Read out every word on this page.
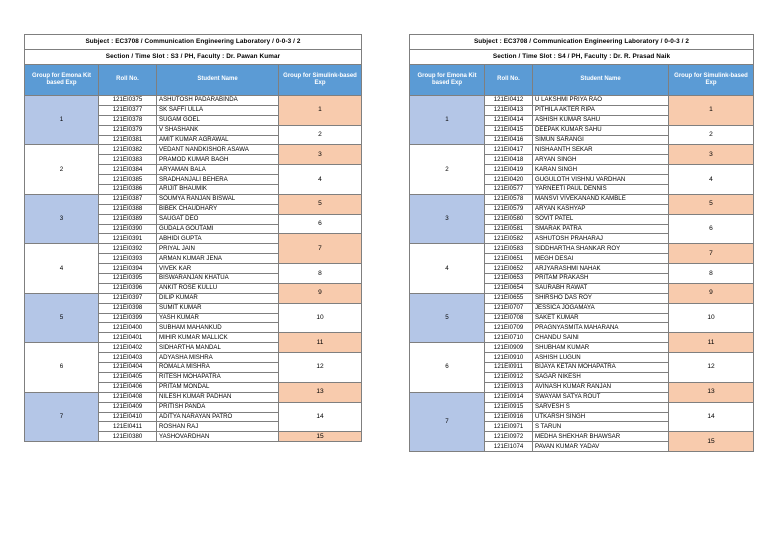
Subject : EC3708 / Communication Engineering Laboratory / 0-0-3 / 2			
Section / Time Slot : S3 / PH, Faculty : Dr. Pawan Kumar			
Group for Emona Kit based Exp	Roll No.	Student Name	Group for Simulink-based Exp
1	121EI0375	ASHUTOSH PADARABINDA	1
	121EI0377	SK SAFFI ULLA	
	121EI0378	SUGAM GOEL	
	121EI0379	V SHASHANK	2
	121EI0381	AMIT KUMAR AGRAWAL	
2	121EI0382	VEDANT NANDKISHOR ASAWA	3
	121EI0383	PRAMOD KUMAR BAGH	
	121EI0384	ARYAMAN BALA	4
	121EI0385	SRADHANJALI BEHERA	
	121EI0386	ARIJIT BHAUMIK	
3	121EI0387	SOUMYA RANJAN BISWAL	5
	121EI0388	BIBEK CHAUDHARY	
	121EI0389	SAUGAT DEO	6
	121EI0390	GUDALA GOUTAMI	
	121EI0391	ABHIDI GUPTA	7
4	121EI0392	PRIYAL JAIN	
	121EI0393	ARMAN KUMAR JENA	
	121EI0394	VIVEK KAR	8
	121EI0395	BISWARANJAN KHATUA	
	121EI0396	ANKIT ROSE KULLU	9
5	121EI0397	DILIP KUMAR	
	121EI0398	SUMIT KUMAR	10
	121EI0399	YASH KUMAR	
	121EI0400	SUBHAM MAHANKUD	
	121EI0401	MIHIR KUMAR MALLICK	11
6	121EI0402	SIDHARTHA MANDAL	
	121EI0403	ADYASHA MISHRA	12
	121EI0404	ROMALA MISHRA	
	121EI0405	RITESH MOHAPATRA	
	121EI0406	PRITAM MONDAL	13
7	121EI0408	NILESH KUMAR PADHAN	
	121EI0409	PRITISH PANDA	14
	121EI0410	ADITYA NARAYAN PATRO	
	121EI0411	ROSHAN RAJ	
	121EI0380	YASHOVARDHAN	15
Subject : EC3708 / Communication Engineering Laboratory / 0-0-3 / 2			
Section / Time Slot : S4 / PH, Faculty : Dr. R. Prasad Naik			
Group for Emona Kit based Exp	Roll No.	Student Name	Group for Simulink-based Exp
1	121EI0412	U LAKSHMI PRIYA RAO	1
	121EI0413	PITHILA AKTER RIPA	
	121EI0414	ASHISH KUMAR SAHU	
	121EI0415	DEEPAK KUMAR SAHU	2
	121EI0416	SIMUN SARANGI	
2	121EI0417	NISHAANTH SEKAR	3
	121EI0418	ARYAN SINGH	
	121EI0419	KARAN SINGH	4
	121EI0420	GUGULOTH VISHNU VARDHAN	
	121EI0577	YARNEETI PAUL DENNIS	
3	121EI0578	MANSVI VIVEKANAND KAMBLE	5
	121EI0579	ARYAN KASHYAP	
	121EI0580	SOVIT PATEL	6
	121EI0581	SMARAK PATRA	
	121EI0582	ASHUTOSH PRAHARAJ	
4	121EI0583	SIDDHARTHA SHANKAR ROY	7
	121EI0651	MEGH DESAI	
	121EI0652	ARJYARASHMI NAHAK	8
	121EI0653	PRITAM PRAKASH	
	121EI0654	SAURABH RAWAT	9
5	121EI0655	SHIRSHO DAS ROY	
	121EI0707	JESSICA JOGAMAYA	10
	121EI0708	SAKET KUMAR	
	121EI0709	PRAGNYASMITA MAHARANA	
	121EI0710	CHANDU SAINI	11
6	121EI0909	SHUBHAM KUMAR	
	121EI0910	ASHISH LUGUN	12
	121EI0911	BIJAYA KETAN MOHAPATRA	
	121EI0912	SAGAR NIKESH	
	121EI0913	AVINASH KUMAR RANJAN	13
7	121EI0914	SWAYAM SATYA ROUT	
	121EI0915	SARVESH S	14
	121EI0916	UTKARSH SINGH	
	121EI0971	S TARUN	
	121EI0972	MEDHA SHEKHAR BHAWSAR	15
	121EI1074	PAVAN KUMAR YADAV	
